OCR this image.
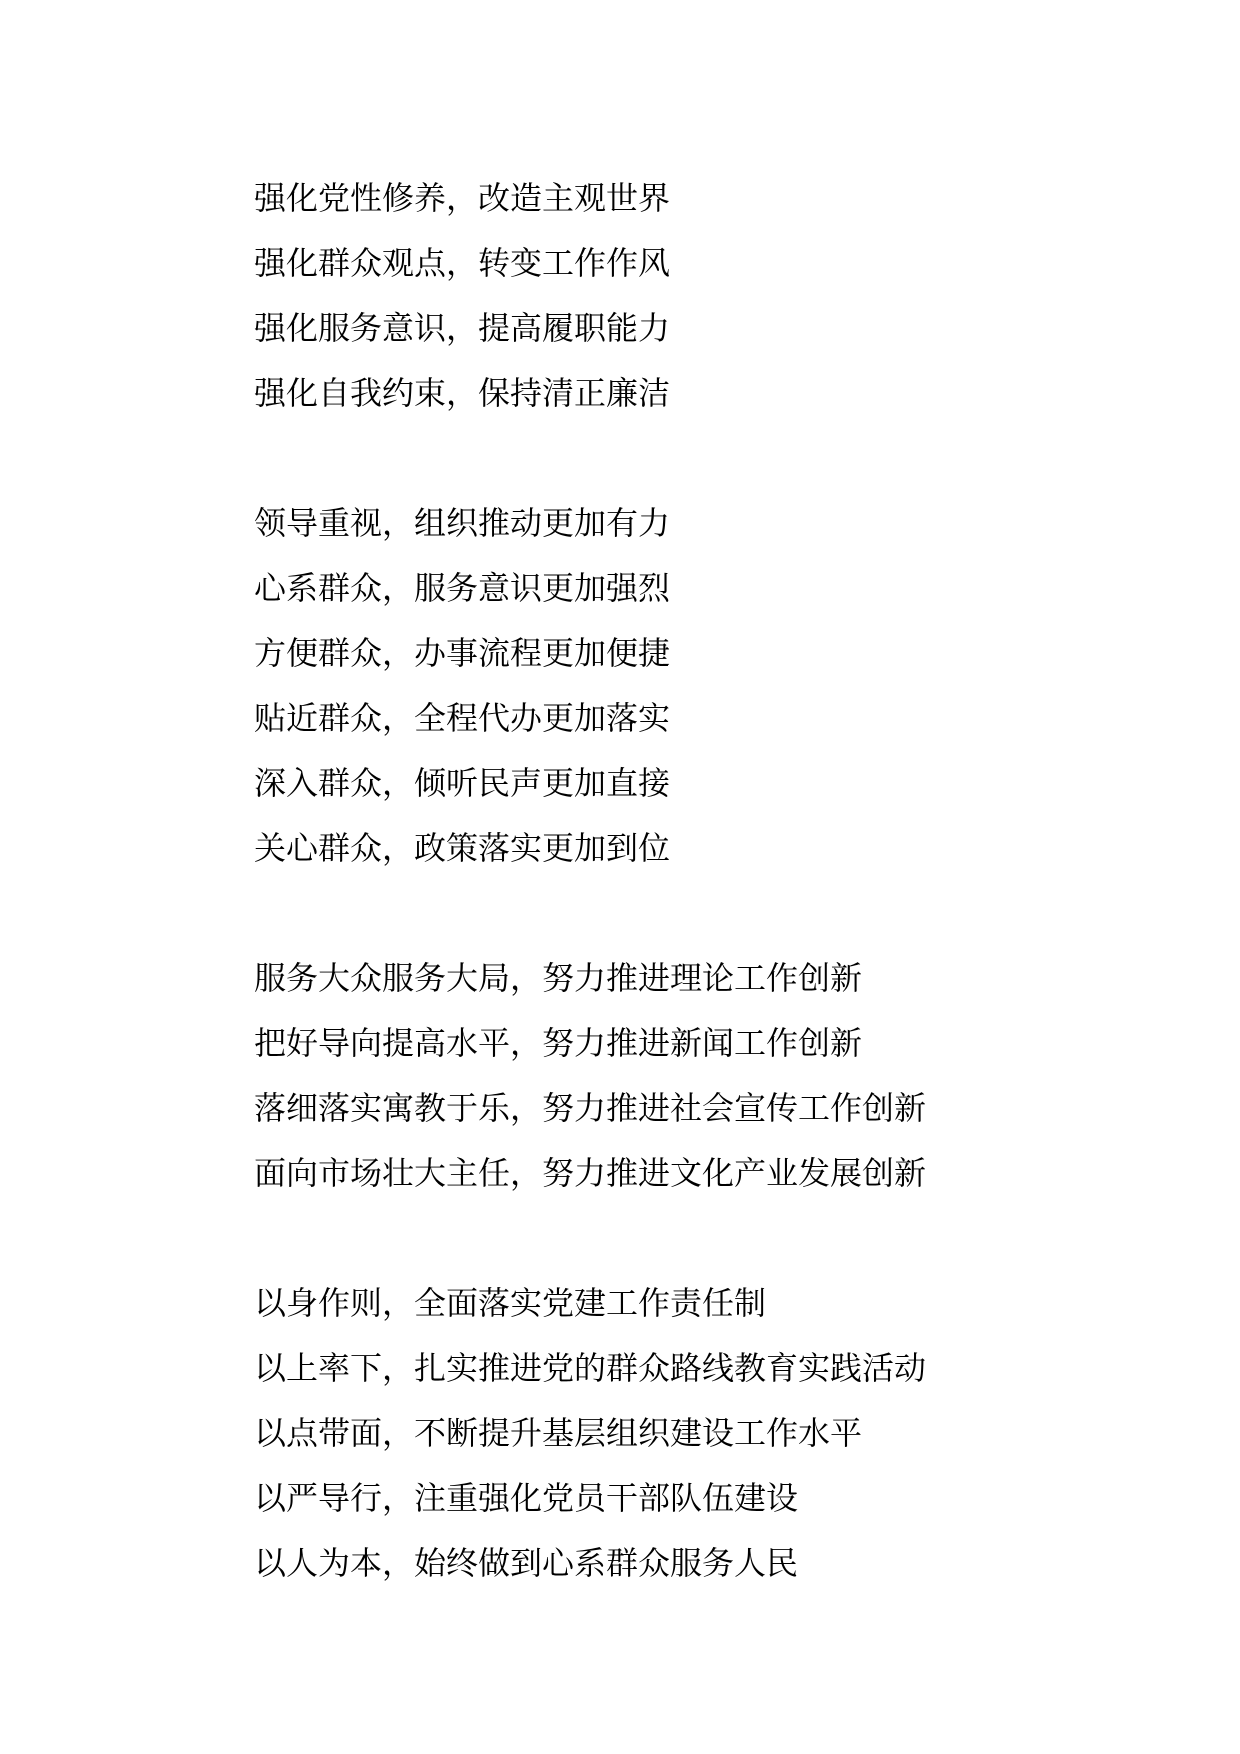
强化党性修养，改造主观世界
强化群众观点，转变工作作风
强化服务意识，提高履职能力
强化自我约束，保持清正廉洁
领导重视，组织推动更加有力
心系群众，服务意识更加强烈
方便群众，办事流程更加便捷
贴近群众，全程代办更加落实
深入群众，倾听民声更加直接
关心群众，政策落实更加到位
服务大众服务大局，努力推进理论工作创新
把好导向提高水平，努力推进新闻工作创新
落细落实寓教于乐，努力推进社会宣传工作创新
面向市场壮大主任，努力推进文化产业发展创新
以身作则，全面落实党建工作责任制
以上率下，扎实推进党的群众路线教育实践活动
以点带面，不断提升基层组织建设工作水平
以严导行，注重强化党员干部队伍建设
以人为本，始终做到心系群众服务人民
